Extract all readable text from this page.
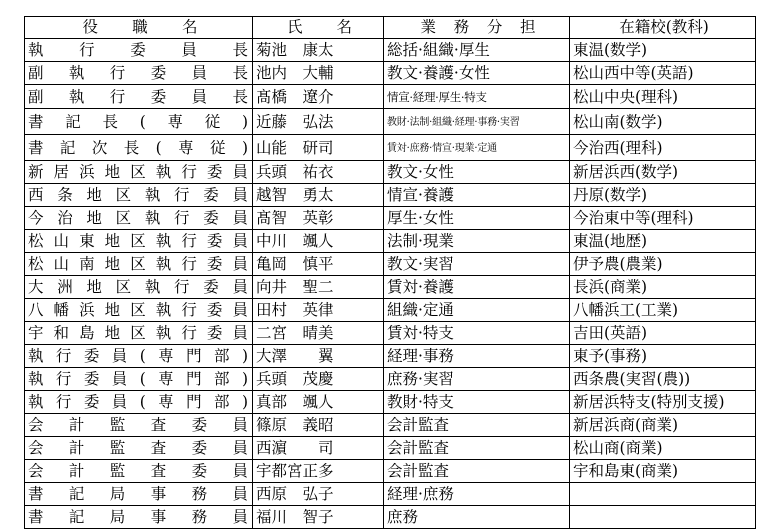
役職名	氏名	業務分担	在籍校(教科)

執行委員長	菊池　康太	総括·組織·厚生	東温(数学)

副執行委員長	池内　大輔	教文·養護·女性	松山西中等(英語)

副執行委員長	髙橋　遼介	情宣·経理·厚生·特支	松山中央(理科)

書記長(専従)	近藤　弘法	教財·法制·組織·経理·事務·実習	松山南(数学)

書記次長(専従)	山能　研司	賃対·庶務·情宣·現業·定通	今治西(理科)

新居浜地区執行委員	兵頭　祐衣	教文·女性	新居浜西(数学)

西条地区執行委員	越智　勇太	情宣·養護	丹原(数学)

今治地区執行委員	髙智　英彰	厚生·女性	今治東中等(理科)

松山東地区執行委員	中川　颯人	法制·現業	東温(地歴)

松山南地区執行委員	亀岡　慎平	教文·実習	伊予農(農業)

大洲地区執行委員	向井　聖二	賃対·養護	長浜(商業)

八幡浜地区執行委員	田村　英律	組織·定通	八幡浜工(工業)

宇和島地区執行委員	二宮　晴美	賃対·特支	吉田(英語)

執行委員(専門部)	大澤　　翼	経理·事務	東予(事務)

執行委員(専門部)	兵頭　茂慶	庶務·実習	西条農(実習(農))

執行委員(専門部)	真部　颯人	教財·特支	新居浜特支(特別支援)

会計監査委員	篠原　義昭	会計監査	新居浜商(商業)

会計監査委員	西濵　　司	会計監査	松山商(商業)

会計監査委員	宇都宮正多	会計監査	宇和島東(商業)

書記局事務員	西原　弘子	経理·庶務	

書記局事務員	福川　智子	庶務	
